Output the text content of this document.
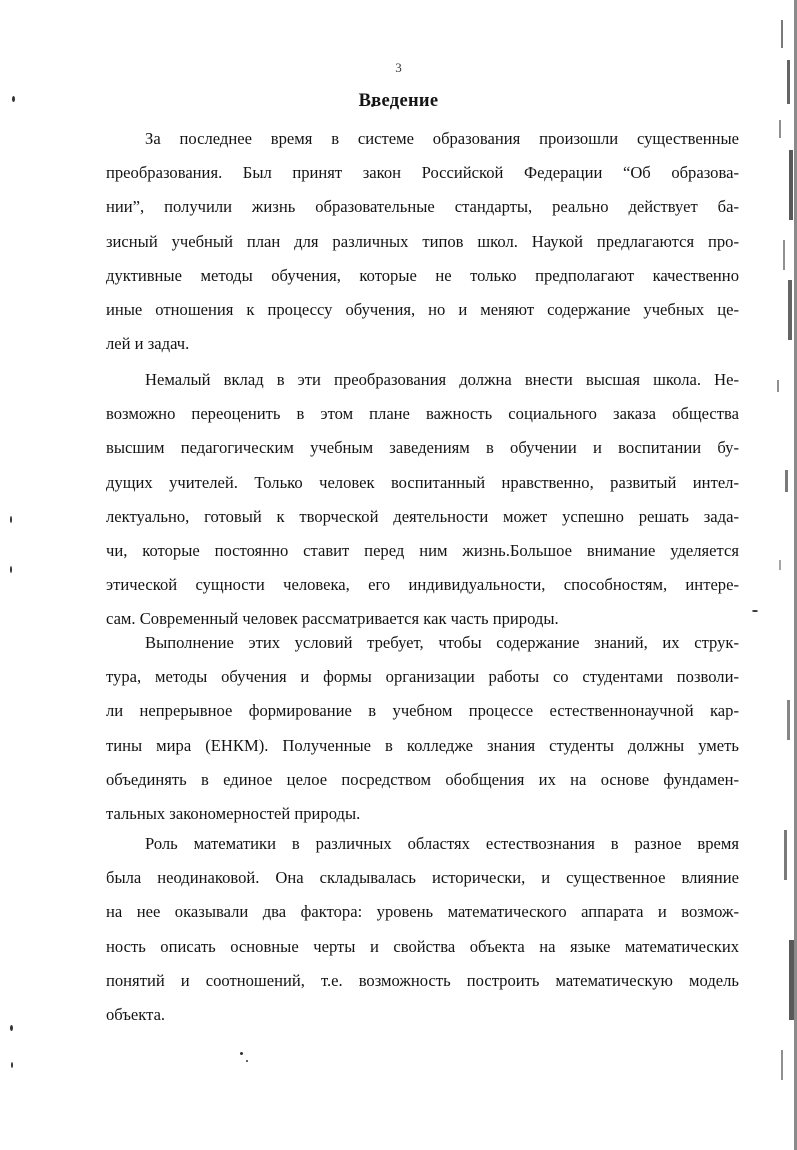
3
Введение
За последнее время в системе образования произошли существенные
преобразования. Был принят закон Российской Федерации “Об образова-
нии”, получили жизнь образовательные стандарты, реально действует ба-
зисный учебный план для различных типов школ. Наукой предлагаются про-
дуктивные методы обучения, которые не только предполагают качественно
иные отношения к процессу обучения, но и меняют содержание учебных це-
лей и задач.
Немалый вклад в эти преобразования должна внести высшая школа. Не-
возможно переоценить в этом плане важность социального заказа общества
высшим педагогическим учебным заведениям в обучении и воспитании бу-
дущих учителей. Только человек воспитанный нравственно, развитый интел-
лектуально, готовый к творческой деятельности может успешно решать зада-
чи, которые постоянно ставит перед ним жизнь.Большое внимание уделяется
этической сущности человека, его индивидуальности, способностям, интере-
сам. Современный человек рассматривается как часть природы.
Выполнение этих условий требует, чтобы содержание знаний, их струк-
тура, методы обучения и формы организации работы со студентами позволи-
ли непрерывное формирование в учебном процессе естественнонаучной кар-
тины мира (ЕНКМ). Полученные в колледже знания студенты должны уметь
объединять в единое целое посредством обобщения их на основе фундамен-
тальных закономерностей природы.
Роль математики в различных областях естествознания в разное время
была неодинаковой. Она складывалась исторически, и существенное влияние
на нее оказывали два фактора: уровень математического аппарата и возмож-
ность описать основные черты и свойства объекта на языке математических
понятий и соотношений, т.е. возможность построить математическую модель
объекта.
